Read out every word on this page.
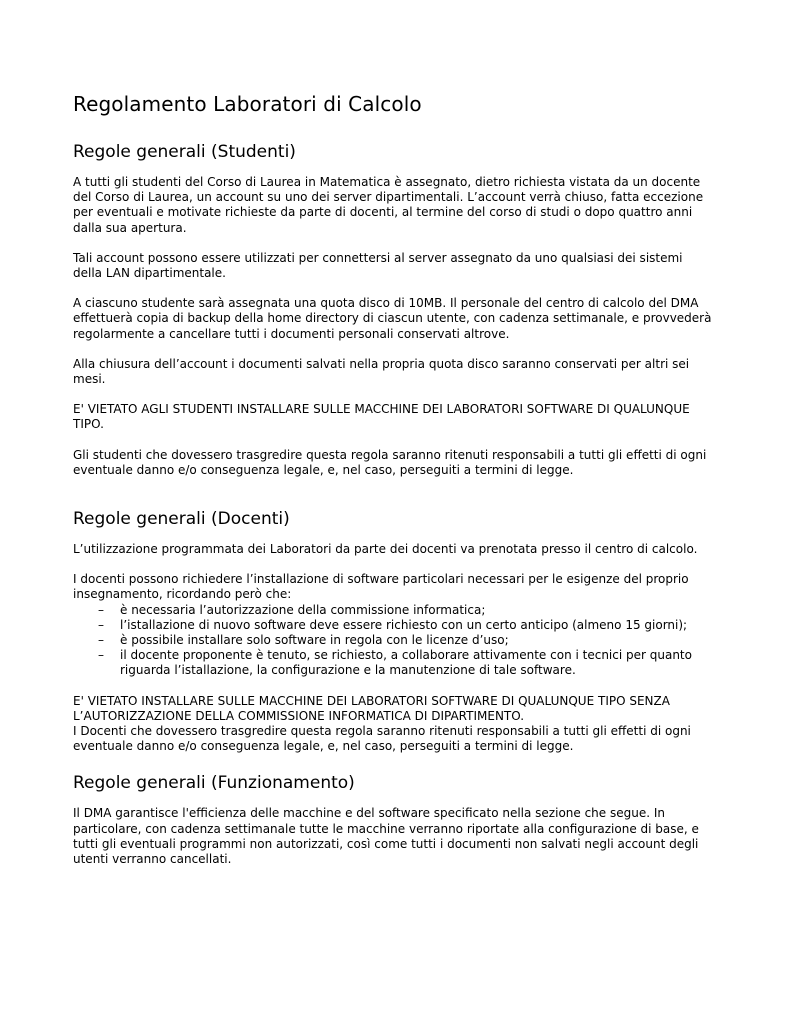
Regolamento Laboratori di Calcolo
Regole generali (Studenti)

A tutti gli studenti del Corso di Laurea in Matematica è assegnato, dietro richiesta vistata da un docente del Corso di Laurea, un account su uno dei server dipartimentali. L’account verrà chiuso, fatta eccezione per eventuali e motivate richieste da parte di docenti, al termine del corso di studi o dopo quattro anni dalla sua apertura.

Tali account possono essere utilizzati per connettersi al server assegnato da uno qualsiasi dei sistemi della LAN dipartimentale.

A ciascuno studente sarà assegnata una quota disco di 10MB. Il personale del centro di calcolo del DMA effettuerà copia di backup della home directory di ciascun utente, con cadenza settimanale, e provvederà regolarmente a cancellare tutti i documenti personali conservati altrove.

Alla chiusura dell’account i documenti salvati nella propria quota disco saranno conservati per altri sei mesi.

E' VIETATO AGLI STUDENTI INSTALLARE SULLE MACCHINE DEI LABORATORI SOFTWARE DI QUALUNQUE TIPO.

Gli studenti che dovessero trasgredire questa regola saranno ritenuti responsabili a tutti gli effetti di ogni eventuale danno e/o conseguenza legale, e, nel caso, perseguiti a termini di legge.

Regole generali (Docenti)

L’utilizzazione programmata dei Laboratori da parte dei docenti va prenotata presso il centro di calcolo.

I docenti possono richiedere l’installazione di software particolari necessari per le esigenze del proprio insegnamento, ricordando però che:

– è necessaria l’autorizzazione della commissione informatica;
– l’istallazione di nuovo software deve essere richiesto con un certo anticipo (almeno 15 giorni);
– è possibile installare solo software in regola con le licenze d’uso;
– il docente proponente è tenuto, se richiesto, a collaborare attivamente con i tecnici per quanto riguarda l’istallazione, la configurazione e la manutenzione di tale software.

E' VIETATO INSTALLARE SULLE MACCHINE DEI LABORATORI SOFTWARE DI QUALUNQUE TIPO SENZA L’AUTORIZZAZIONE DELLA COMMISSIONE INFORMATICA DI DIPARTIMENTO.

I Docenti che dovessero trasgredire questa regola saranno ritenuti responsabili a tutti gli effetti di ogni eventuale danno e/o conseguenza legale, e, nel caso, perseguiti a termini di legge.

Regole generali (Funzionamento)

Il DMA garantisce l'efficienza delle macchine e del software specificato nella sezione che segue. In particolare, con cadenza settimanale tutte le macchine verranno riportate alla configurazione di base, e tutti gli eventuali programmi non autorizzati, così come tutti i documenti non salvati negli account degli utenti verranno cancellati.
